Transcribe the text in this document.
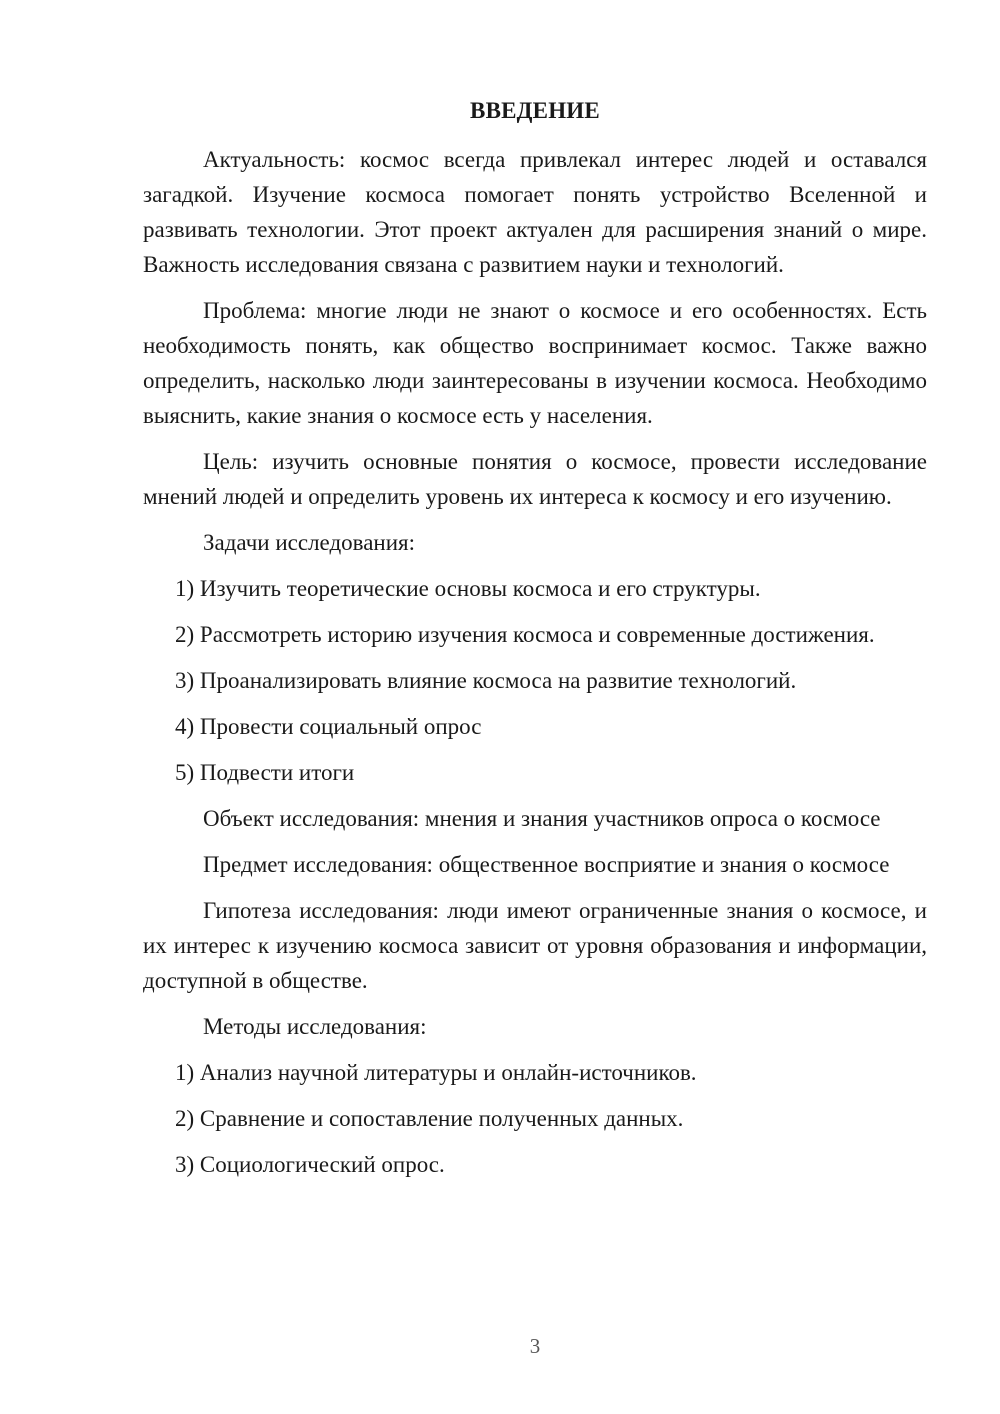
ВВЕДЕНИЕ

Актуальность: космос всегда привлекал интерес людей и оставался загадкой. Изучение космоса помогает понять устройство Вселенной и развивать технологии. Этот проект актуален для расширения знаний о мире. Важность исследования связана с развитием науки и технологий.

Проблема: многие люди не знают о космосе и его особенностях. Есть необходимость понять, как общество воспринимает космос. Также важно определить, насколько люди заинтересованы в изучении космоса. Необходимо выяснить, какие знания о космосе есть у населения.

Цель: изучить основные понятия о космосе, провести исследование мнений людей и определить уровень их интереса к космосу и его изучению.

Задачи исследования:

1) Изучить теоретические основы космоса и его структуры.

2) Рассмотреть историю изучения космоса и современные достижения.

3) Проанализировать влияние космоса на развитие технологий.

4) Провести социальный опрос

5) Подвести итоги

Объект исследования: мнения и знания участников опроса о космосе

Предмет исследования: общественное восприятие и знания о космосе

Гипотеза исследования: люди имеют ограниченные знания о космосе, и их интерес к изучению космоса зависит от уровня образования и информации, доступной в обществе.

Методы исследования:

1) Анализ научной литературы и онлайн-источников.

2) Сравнение и сопоставление полученных данных.

3) Социологический опрос.

3
